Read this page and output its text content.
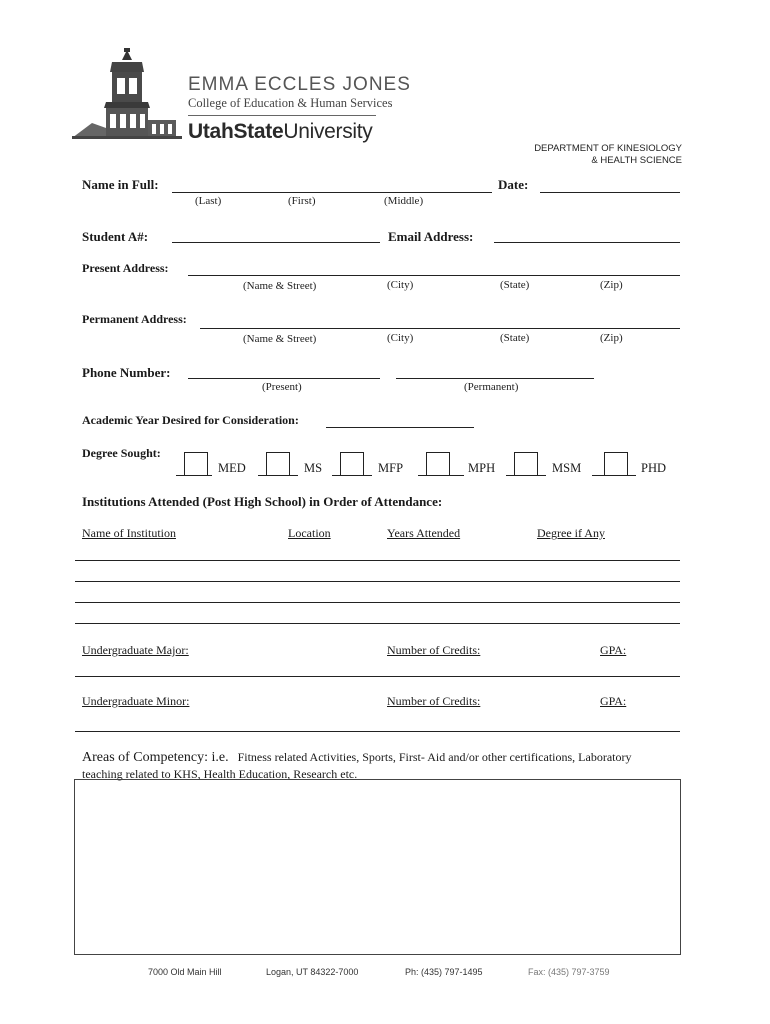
EMMA ECCLES JONES
College of Education & Human Services
UtahStateUniversity
DEPARTMENT OF KINESIOLOGY
& HEALTH SCIENCE
Name in Full:
(Last)	(First)	(Middle)
Date:
Student A#:	Email Address:
Present Address:
(Name & Street)	(City)	(State)	(Zip)
Permanent Address:
(Name & Street)	(City)	(State)	(Zip)
Phone Number:
(Present)	(Permanent)
Academic Year Desired for Consideration:
Degree Sought:
MED	MS	MFP	MPH	MSM	PHD
Institutions Attended (Post High School) in Order of Attendance:
Name of Institution	Location	Years Attended	Degree if Any
Undergraduate Major:	Number of Credits:	GPA:
Undergraduate Minor:	Number of Credits:	GPA:
Areas of Competency: i.e. Fitness related Activities, Sports, First- Aid and/or other certifications, Laboratory
teaching related to KHS, Health Education, Research etc.
7000 Old Main Hill	Logan, UT 84322-7000	Ph: (435) 797-1495	Fax: (435) 797-3759
